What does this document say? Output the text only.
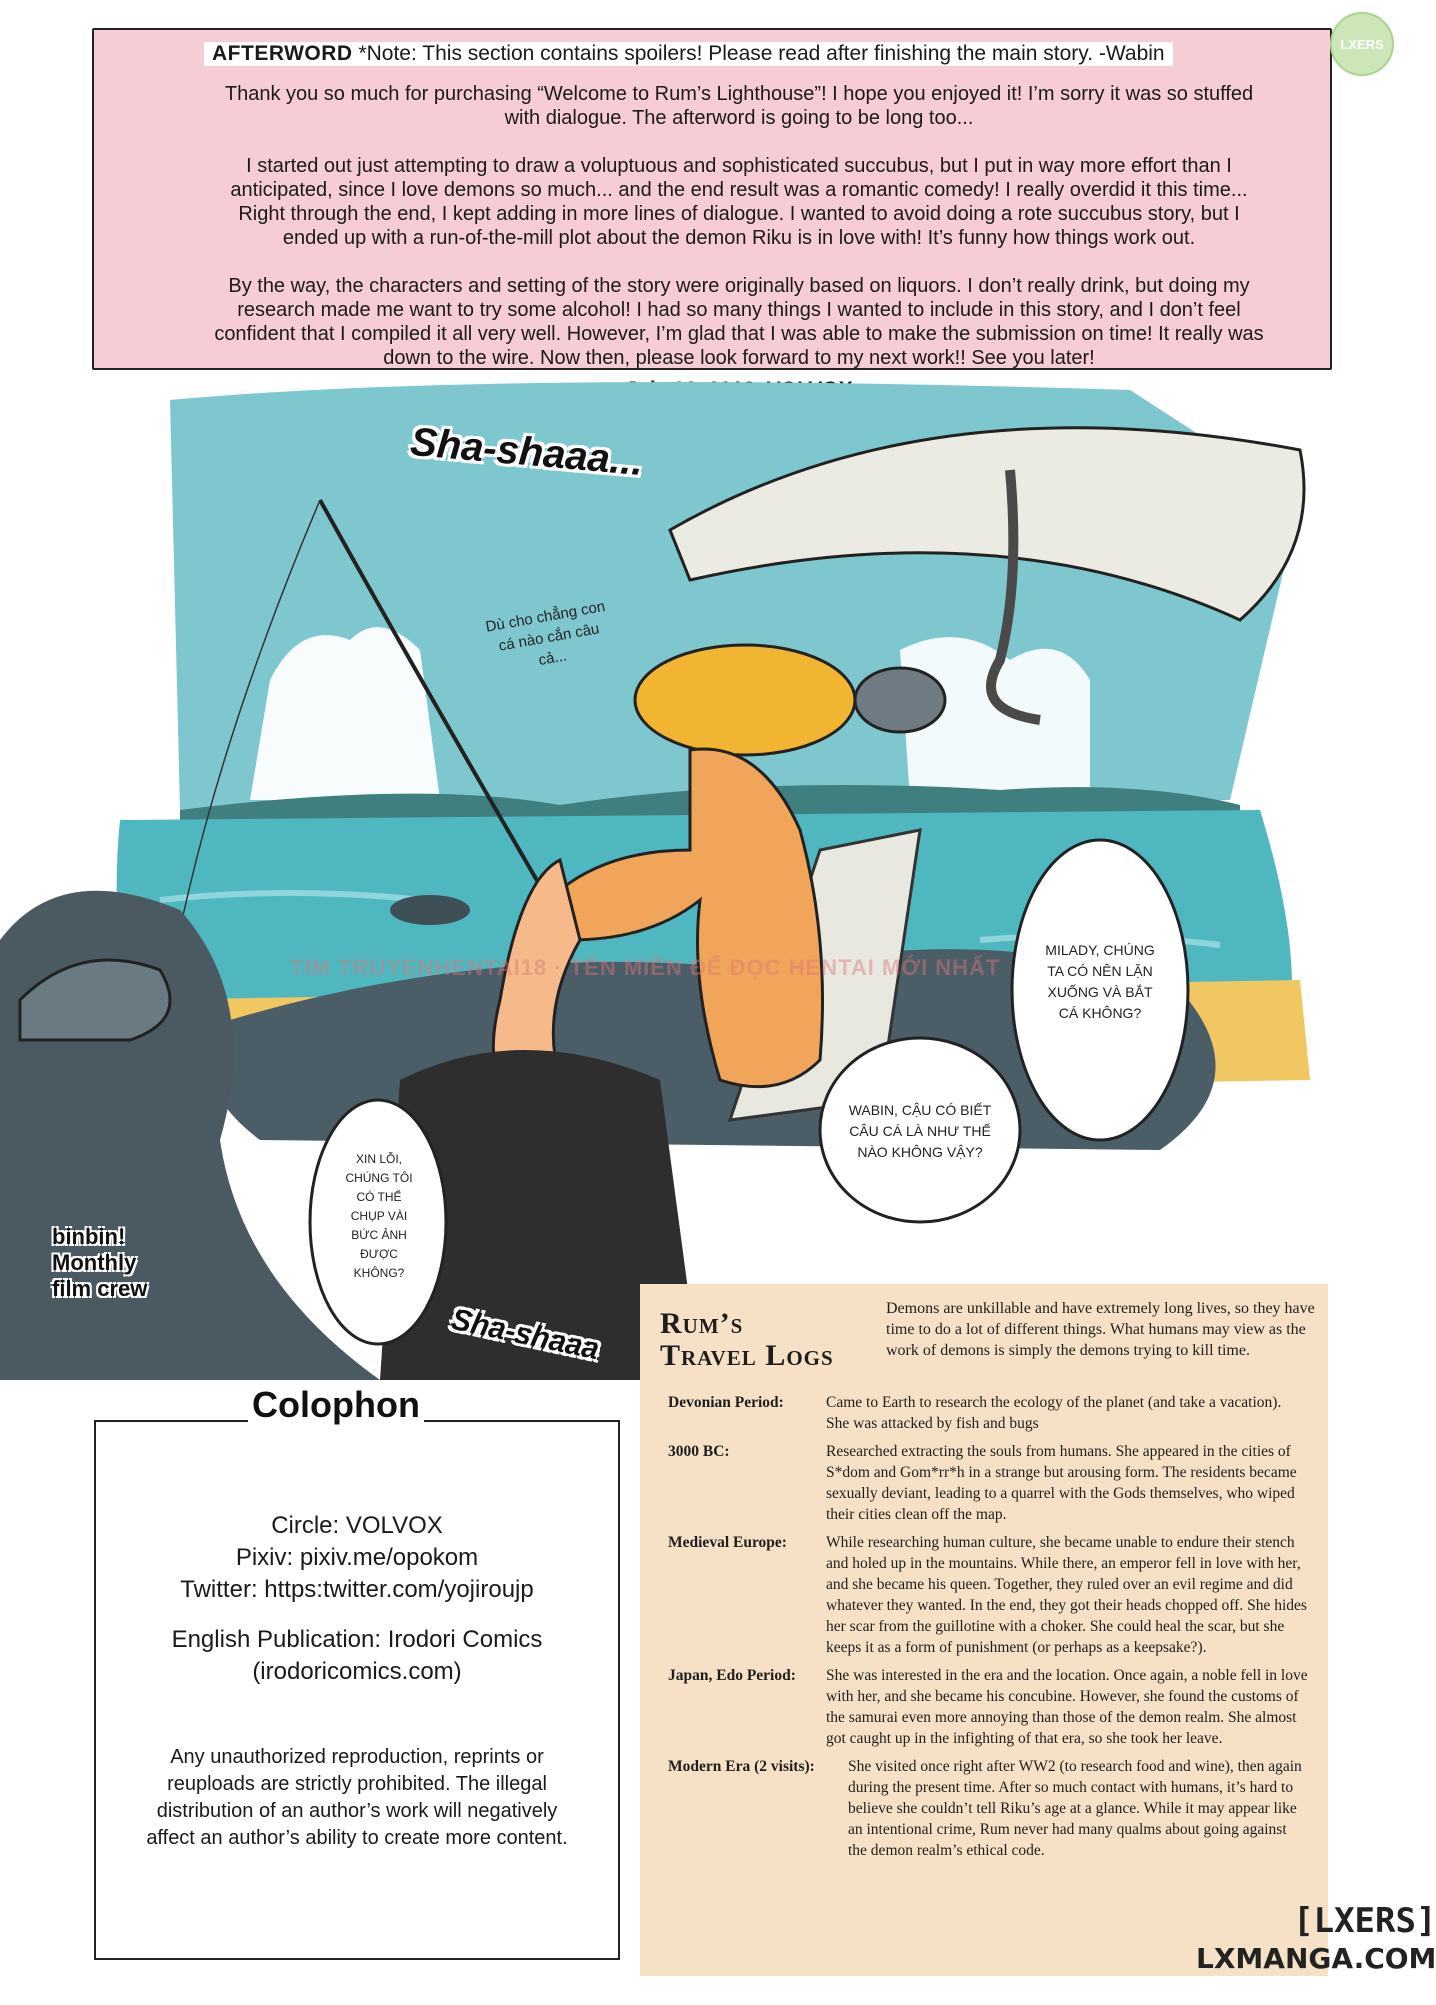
AFTERWORD *Note: This section contains spoilers! Please read after finishing the main story. -Wabin

Thank you so much for purchasing “Welcome to Rum’s Lighthouse”! I hope you enjoyed it! I’m sorry it was so stuffed with dialogue. The afterword is going to be long too...

I started out just attempting to draw a voluptuous and sophisticated succubus, but I put in way more effort than I anticipated, since I love demons so much... and the end result was a romantic comedy! I really overdid it this time... Right through the end, I kept adding in more lines of dialogue. I wanted to avoid doing a rote succubus story, but I ended up with a run-of-the-mill plot about the demon Riku is in love with! It’s funny how things work out.

By the way, the characters and setting of the story were originally based on liquors. I don’t really drink, but doing my research made me want to try some alcohol! I had so many things I wanted to include in this story, and I don’t feel confident that I compiled it all very well. However, I’m glad that I was able to make the submission on time! It really was down to the wire. Now then, please look forward to my next work!! See you later!

LXERS
Sha-shaaa...
Sha-shaaa
Dù cho chẳng con cá nào cắn câu cả...
MILADY, CHÚNG TA CÓ NÊN LẶN XUỐNG VÀ BẮT CÁ KHÔNG?
WABIN, CẬU CÓ BIẾT CÂU CÁ LÀ NHƯ THẾ NÀO KHÔNG VẬY?
XIN LỖI, CHÚNG TÔI CÓ THỂ CHỤP VÀI BỨC ẢNH ĐƯỢC KHÔNG?
binbin!
Monthly
film crew
TIM TRUYENHENTAI18 · TÊN MIỀN ĐỂ ĐỌC HENTAI MỚI NHẤT
Circle: VOLVOX
Pixiv: pixiv.me/opokom
Twitter: https:twitter.com/yojiroujp
English Publication: Irodori Comics
(irodoricomics.com)
Any unauthorized reproduction, reprints or reuploads are strictly prohibited. The illegal distribution of an author’s work will negatively affect an author’s ability to create more content.
Colophon
Rum’s
Travel Logs
Demons are unkillable and have extremely long lives, so they have time to do a lot of different things. What humans may view as the work of demons is simply the demons trying to kill time.
Devonian Period:	Came to Earth to research the ecology of the planet (and take a vacation). She was attacked by fish and bugs
3000 BC:	Researched extracting the souls from humans. She appeared in the cities of S*dom and Gom*rr*h in a strange but arousing form. The residents became sexually deviant, leading to a quarrel with the Gods themselves, who wiped their cities clean off the map.
Medieval Europe:	While researching human culture, she became unable to endure their stench and holed up in the mountains. While there, an emperor fell in love with her, and she became his queen. Together, they ruled over an evil regime and did whatever they wanted. In the end, they got their heads chopped off. She hides her scar from the guillotine with a choker. She could heal the scar, but she keeps it as a form of punishment (or perhaps as a keepsake?).
Japan, Edo Period:	She was interested in the era and the location. Once again, a noble fell in love with her, and she became his concubine. However, she found the customs of the samurai even more annoying than those of the demon realm. She almost got caught up in the infighting of that era, so she took her leave.
Modern Era (2 visits):	She visited once right after WW2 (to research food and wine), then again during the present time. After so much contact with humans, it’s hard to believe she couldn’t tell Riku’s age at a glance. While it may appear like an intentional crime, Rum never had many qualms about going against the demon realm’s ethical code.
[LXERS]
LXMANGA.COM
